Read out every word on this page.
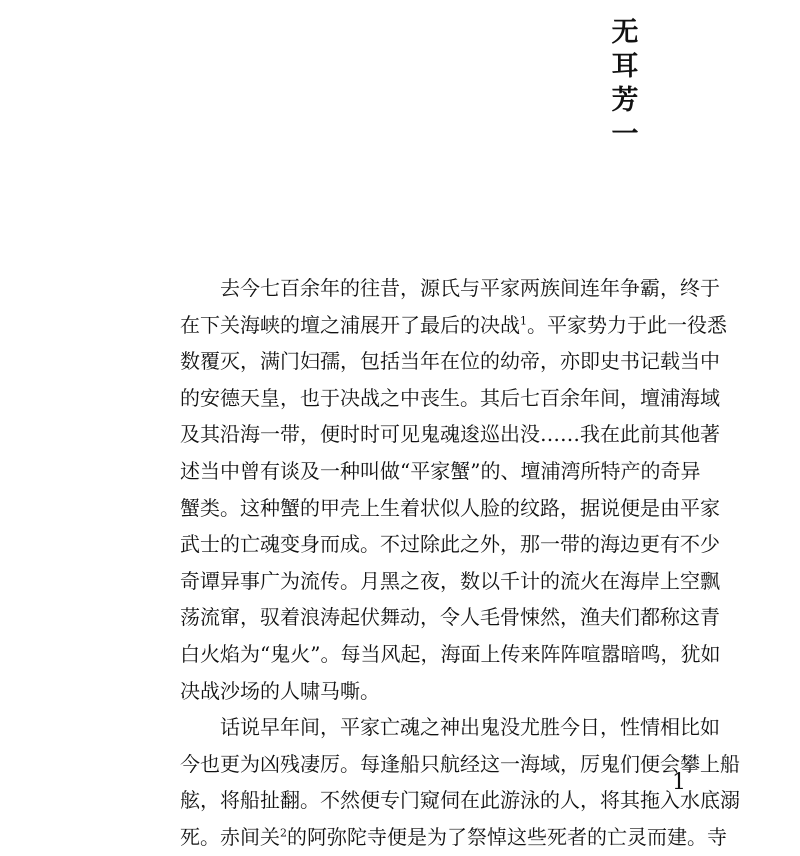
无
耳
芳
一
去今七百余年的往昔，源氏与平家两族间连年争霸，终于
在下关海峡的壇之浦展开了最后的决战$^1$。平家势力于此一役悉
数覆灭，满门妇孺，包括当年在位的幼帝，亦即史书记载当中
的安德天皇，也于决战之中丧生。其后七百余年间，壇浦海域
及其沿海一带，便时时可见鬼魂逡巡出没……我在此前其他著
述当中曾有谈及一种叫做“平家蟹”的、壇浦湾所特产的奇异
蟹类。这种蟹的甲壳上生着状似人脸的纹路，据说便是由平家
武士的亡魂变身而成。不过除此之外，那一带的海边更有不少
奇谭异事广为流传。月黑之夜，数以千计的流火在海岸上空飘
荡流窜，驭着浪涛起伏舞动，令人毛骨悚然，渔夫们都称这青
白火焰为“鬼火”。每当风起，海面上传来阵阵喧嚣暗鸣，犹如
决战沙场的人啸马嘶。
话说早年间，平家亡魂之神出鬼没尤胜今日，性情相比如
今也更为凶残凄厉。每逢船只航经这一海域，厉鬼们便会攀上船
舷，将船扯翻。不然便专门窥伺在此游泳的人，将其拖入水底溺
死。赤间关$^2$的阿弥陀寺便是为了祭悼这些死者的亡灵而建。寺
1
